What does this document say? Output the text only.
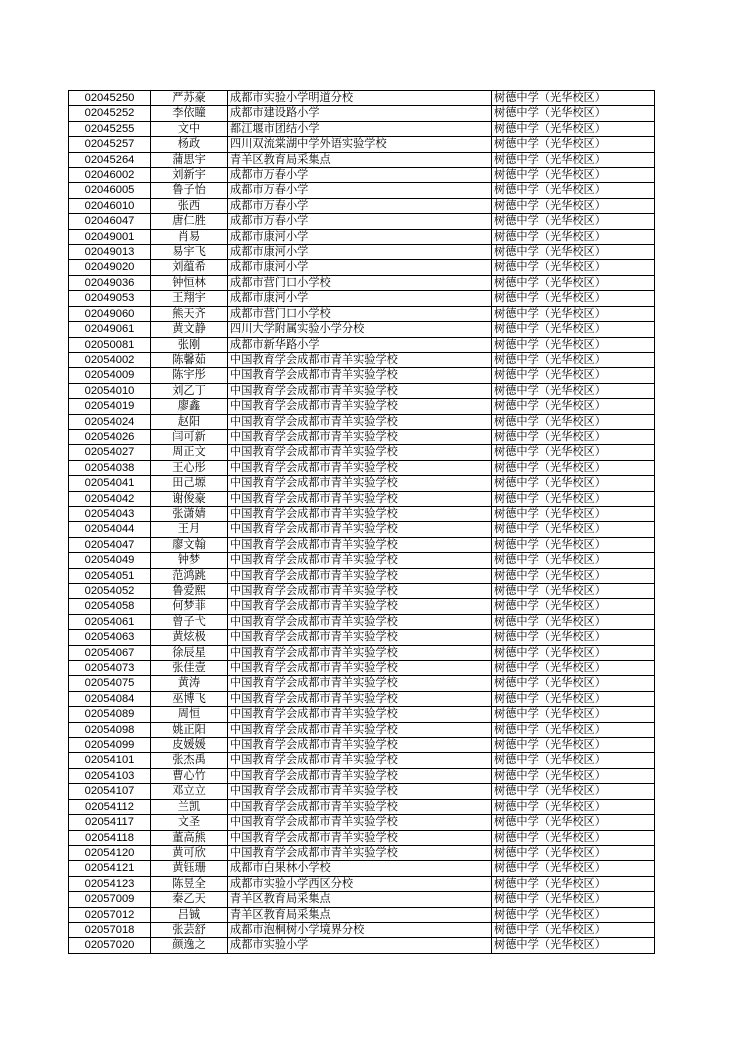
02045250	严苏豪	成都市实验小学明道分校	树德中学（光华校区）
02045252	李依瞳	成都市建设路小学	树德中学（光华校区）
02045255	文中	都江堰市团结小学	树德中学（光华校区）
02045257	杨政	四川双流棠湖中学外语实验学校	树德中学（光华校区）
02045264	蒲思宇	青羊区教育局采集点	树德中学（光华校区）
02046002	刘新宇	成都市万春小学	树德中学（光华校区）
02046005	鲁子怡	成都市万春小学	树德中学（光华校区）
02046010	张西	成都市万春小学	树德中学（光华校区）
02046047	唐仁胜	成都市万春小学	树德中学（光华校区）
02049001	肖易	成都市康河小学	树德中学（光华校区）
02049013	易宇飞	成都市康河小学	树德中学（光华校区）
02049020	刘蕴希	成都市康河小学	树德中学（光华校区）
02049036	钟恒林	成都市营门口小学校	树德中学（光华校区）
02049053	王翔宇	成都市康河小学	树德中学（光华校区）
02049060	熊天齐	成都市营门口小学校	树德中学（光华校区）
02049061	黄文静	四川大学附属实验小学分校	树德中学（光华校区）
02050081	张刚	成都市新华路小学	树德中学（光华校区）
02054002	陈馨茹	中国教育学会成都市青羊实验学校	树德中学（光华校区）
02054009	陈宇彤	中国教育学会成都市青羊实验学校	树德中学（光华校区）
02054010	刘乙丁	中国教育学会成都市青羊实验学校	树德中学（光华校区）
02054019	廖鑫	中国教育学会成都市青羊实验学校	树德中学（光华校区）
02054024	赵阳	中国教育学会成都市青羊实验学校	树德中学（光华校区）
02054026	闫可新	中国教育学会成都市青羊实验学校	树德中学（光华校区）
02054027	周正文	中国教育学会成都市青羊实验学校	树德中学（光华校区）
02054038	王心彤	中国教育学会成都市青羊实验学校	树德中学（光华校区）
02054041	田己塬	中国教育学会成都市青羊实验学校	树德中学（光华校区）
02054042	谢俊豪	中国教育学会成都市青羊实验学校	树德中学（光华校区）
02054043	张潇婧	中国教育学会成都市青羊实验学校	树德中学（光华校区）
02054044	王月	中国教育学会成都市青羊实验学校	树德中学（光华校区）
02054047	廖文翰	中国教育学会成都市青羊实验学校	树德中学（光华校区）
02054049	钟梦	中国教育学会成都市青羊实验学校	树德中学（光华校区）
02054051	范鸿跳	中国教育学会成都市青羊实验学校	树德中学（光华校区）
02054052	鲁爱熙	中国教育学会成都市青羊实验学校	树德中学（光华校区）
02054058	何梦菲	中国教育学会成都市青羊实验学校	树德中学（光华校区）
02054061	曾子弋	中国教育学会成都市青羊实验学校	树德中学（光华校区）
02054063	黄炫极	中国教育学会成都市青羊实验学校	树德中学（光华校区）
02054067	徐辰星	中国教育学会成都市青羊实验学校	树德中学（光华校区）
02054073	张佳壹	中国教育学会成都市青羊实验学校	树德中学（光华校区）
02054075	黄涛	中国教育学会成都市青羊实验学校	树德中学（光华校区）
02054084	巫博飞	中国教育学会成都市青羊实验学校	树德中学（光华校区）
02054089	周恒	中国教育学会成都市青羊实验学校	树德中学（光华校区）
02054098	姚正阳	中国教育学会成都市青羊实验学校	树德中学（光华校区）
02054099	皮媛媛	中国教育学会成都市青羊实验学校	树德中学（光华校区）
02054101	张杰禹	中国教育学会成都市青羊实验学校	树德中学（光华校区）
02054103	曹心竹	中国教育学会成都市青羊实验学校	树德中学（光华校区）
02054107	邓立立	中国教育学会成都市青羊实验学校	树德中学（光华校区）
02054112	兰凯	中国教育学会成都市青羊实验学校	树德中学（光华校区）
02054117	文圣	中国教育学会成都市青羊实验学校	树德中学（光华校区）
02054118	董高熊	中国教育学会成都市青羊实验学校	树德中学（光华校区）
02054120	黄可欣	中国教育学会成都市青羊实验学校	树德中学（光华校区）
02054121	黄钰珊	成都市白果林小学校	树德中学（光华校区）
02054123	陈昱全	成都市实验小学西区分校	树德中学（光华校区）
02057009	秦乙天	青羊区教育局采集点	树德中学（光华校区）
02057012	吕铖	青羊区教育局采集点	树德中学（光华校区）
02057018	张芸舒	成都市泡桐树小学境界分校	树德中学（光华校区）
02057020	颜逸之	成都市实验小学	树德中学（光华校区）
